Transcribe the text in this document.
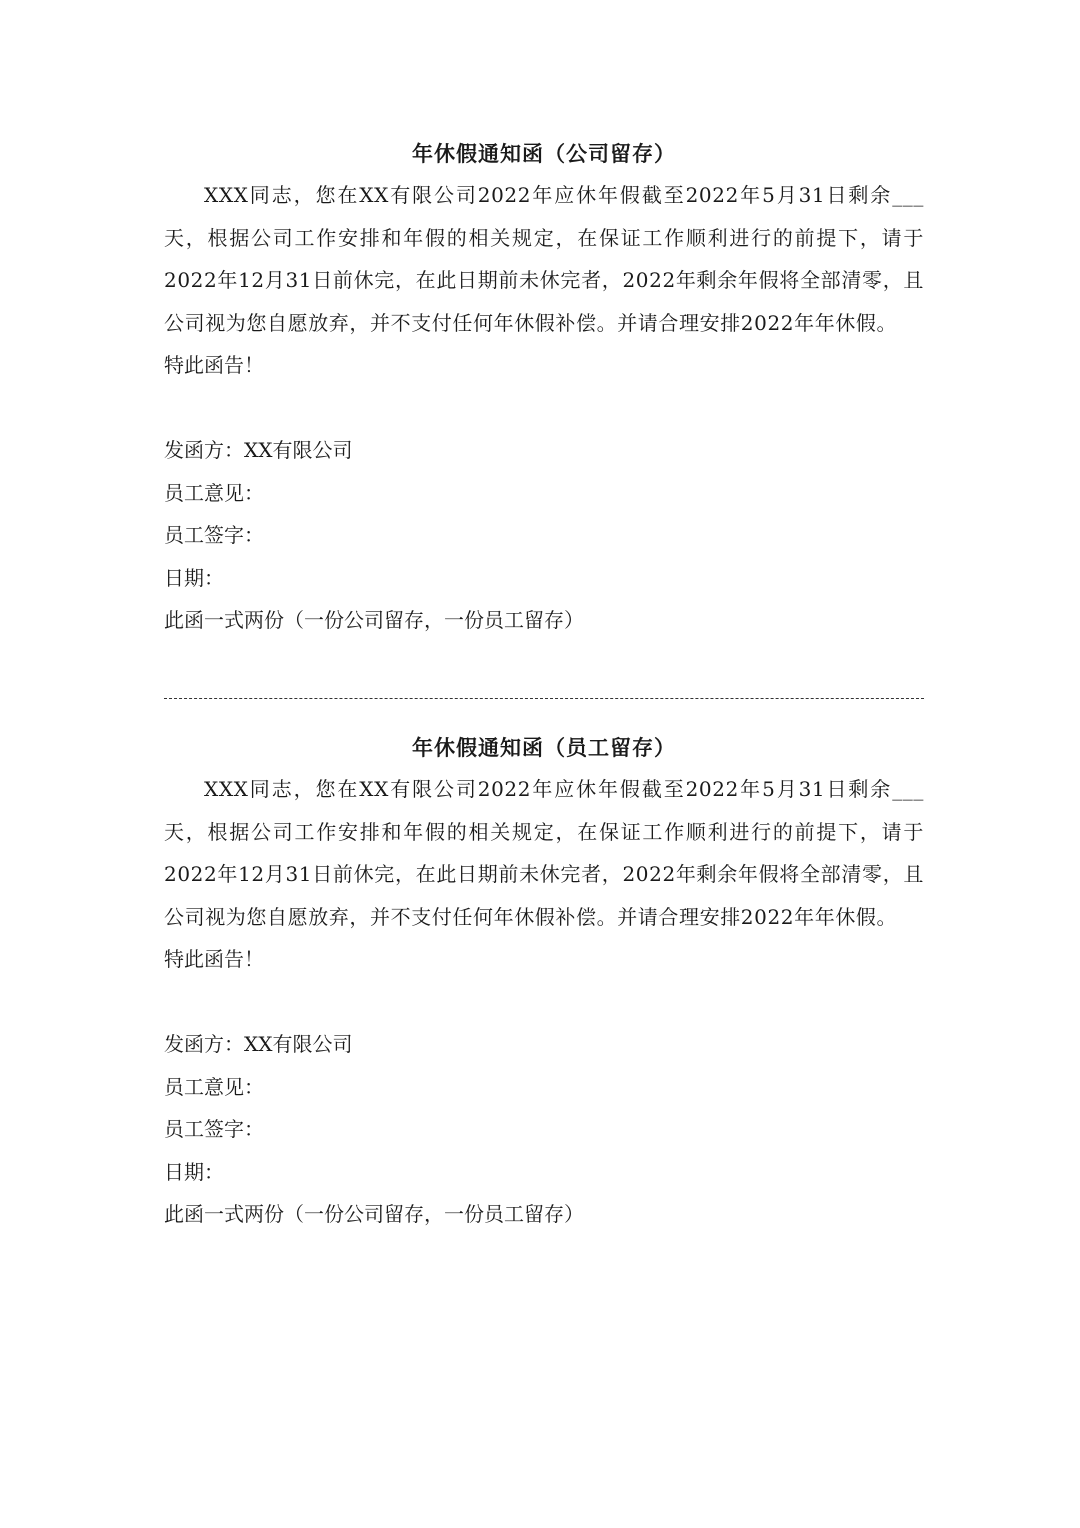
年休假通知函（公司留存）

XXX同志，您在XX有限公司2022年应休年假截至2022年5月31日剩余___天，根据公司工作安排和年假的相关规定，在保证工作顺利进行的前提下，请于2022年12月31日前休完，在此日期前未休完者，2022年剩余年假将全部清零，且公司视为您自愿放弃，并不支付任何年休假补偿。并请合理安排2022年年休假。

特此函告！

发函方：XX有限公司

员工意见：

员工签字：

日期：

此函一式两份（一份公司留存，一份员工留存）

年休假通知函（员工留存）

XXX同志，您在XX有限公司2022年应休年假截至2022年5月31日剩余___天，根据公司工作安排和年假的相关规定，在保证工作顺利进行的前提下，请于2022年12月31日前休完，在此日期前未休完者，2022年剩余年假将全部清零，且公司视为您自愿放弃，并不支付任何年休假补偿。并请合理安排2022年年休假。

特此函告！

发函方：XX有限公司

员工意见：

员工签字：

日期：

此函一式两份（一份公司留存，一份员工留存）
